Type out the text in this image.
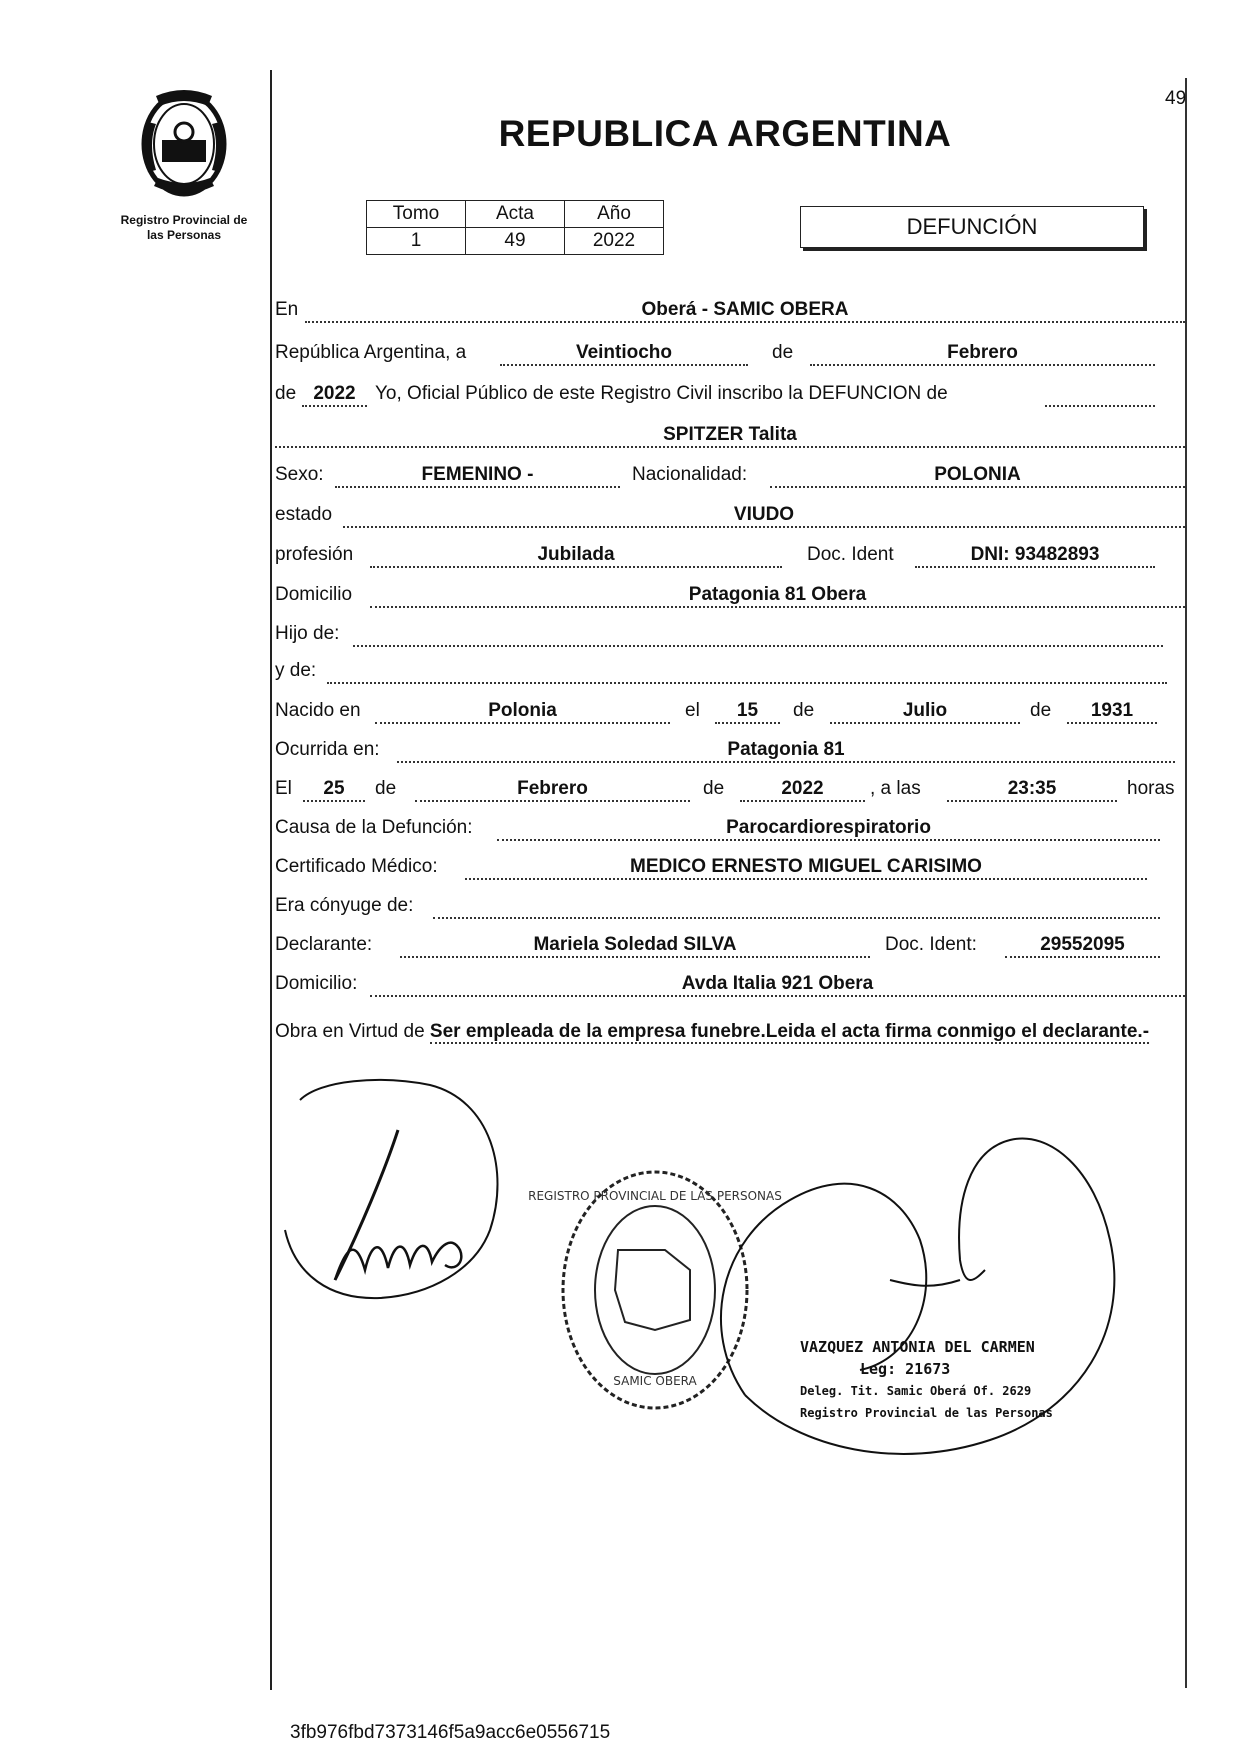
49
Registro Provincial de
las Personas
REPUBLICA ARGENTINA
Tomo	Acta	Año
1	49	2022
DEFUNCIÓN
En	Oberá - SAMIC OBERA
República Argentina, a	Veintiocho	de	Febrero
de 2022	Yo, Oficial Público de este Registro Civil inscribo la DEFUNCION de
SPITZER Talita
Sexo:	FEMENINO -	Nacionalidad:	POLONIA
estado	VIUDO
profesión	Jubilada	Doc. Ident	DNI: 93482893
Domicilio	Patagonia 81 Obera
Hijo de:
y de:
Nacido en	Polonia	el	15	de	Julio	de	1931
Ocurrida en:	Patagonia 81
El	25	de	Febrero	de	2022	, a las	23:35	horas
Causa de la Defunción:	Parocardiorespiratorio
Certificado Médico:	MEDICO ERNESTO MIGUEL CARISIMO
Era cónyuge de:
Declarante:	Mariela Soledad SILVA	Doc. Ident:	29552095
Domicilio:	Avda Italia 921 Obera
Obra en Virtud de Ser empleada de la empresa funebre.Leida el acta firma conmigo el declarante.-
REGISTRO PROVINCIAL DE LAS PERSONAS
SAMIC OBERA
VAZQUEZ ANTONIA DEL CARMEN
Leg: 21673
Deleg. Tit. Samic Oberá Of. 2629
Registro Provincial de las Personas
3fb976fbd7373146f5a9acc6e0556715
